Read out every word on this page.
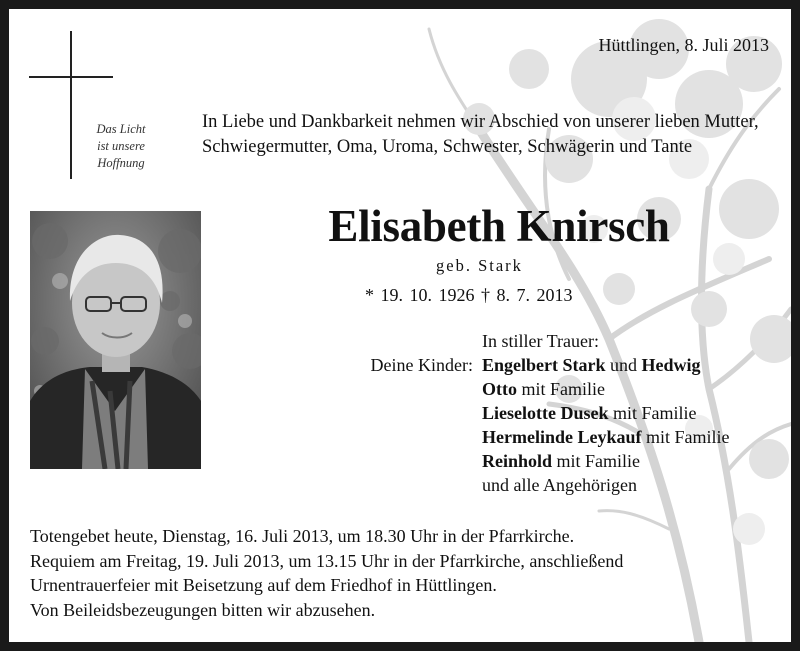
Hüttlingen, 8. Juli 2013
Das Licht
ist unsere
Hoffnung
In Liebe und Dankbarkeit nehmen wir Abschied von unserer lieben Mutter, Schwiegermutter, Oma, Uroma, Schwester, Schwägerin und Tante
Elisabeth Knirsch
geb. Stark
* 19. 10. 1926 † 8. 7. 2013
Deine Kinder:
In stiller Trauer:
Engelbert Stark und Hedwig
Otto mit Familie
Lieselotte Dusek mit Familie
Hermelinde Leykauf mit Familie
Reinhold mit Familie
und alle Angehörigen
Totengebet heute, Dienstag, 16. Juli 2013, um 18.30 Uhr in der Pfarrkirche.
Requiem am Freitag, 19. Juli 2013, um 13.15 Uhr in der Pfarrkirche, anschließend
Urnentrauerfeier mit Beisetzung auf dem Friedhof in Hüttlingen.
Von Beileidsbezeugungen bitten wir abzusehen.
